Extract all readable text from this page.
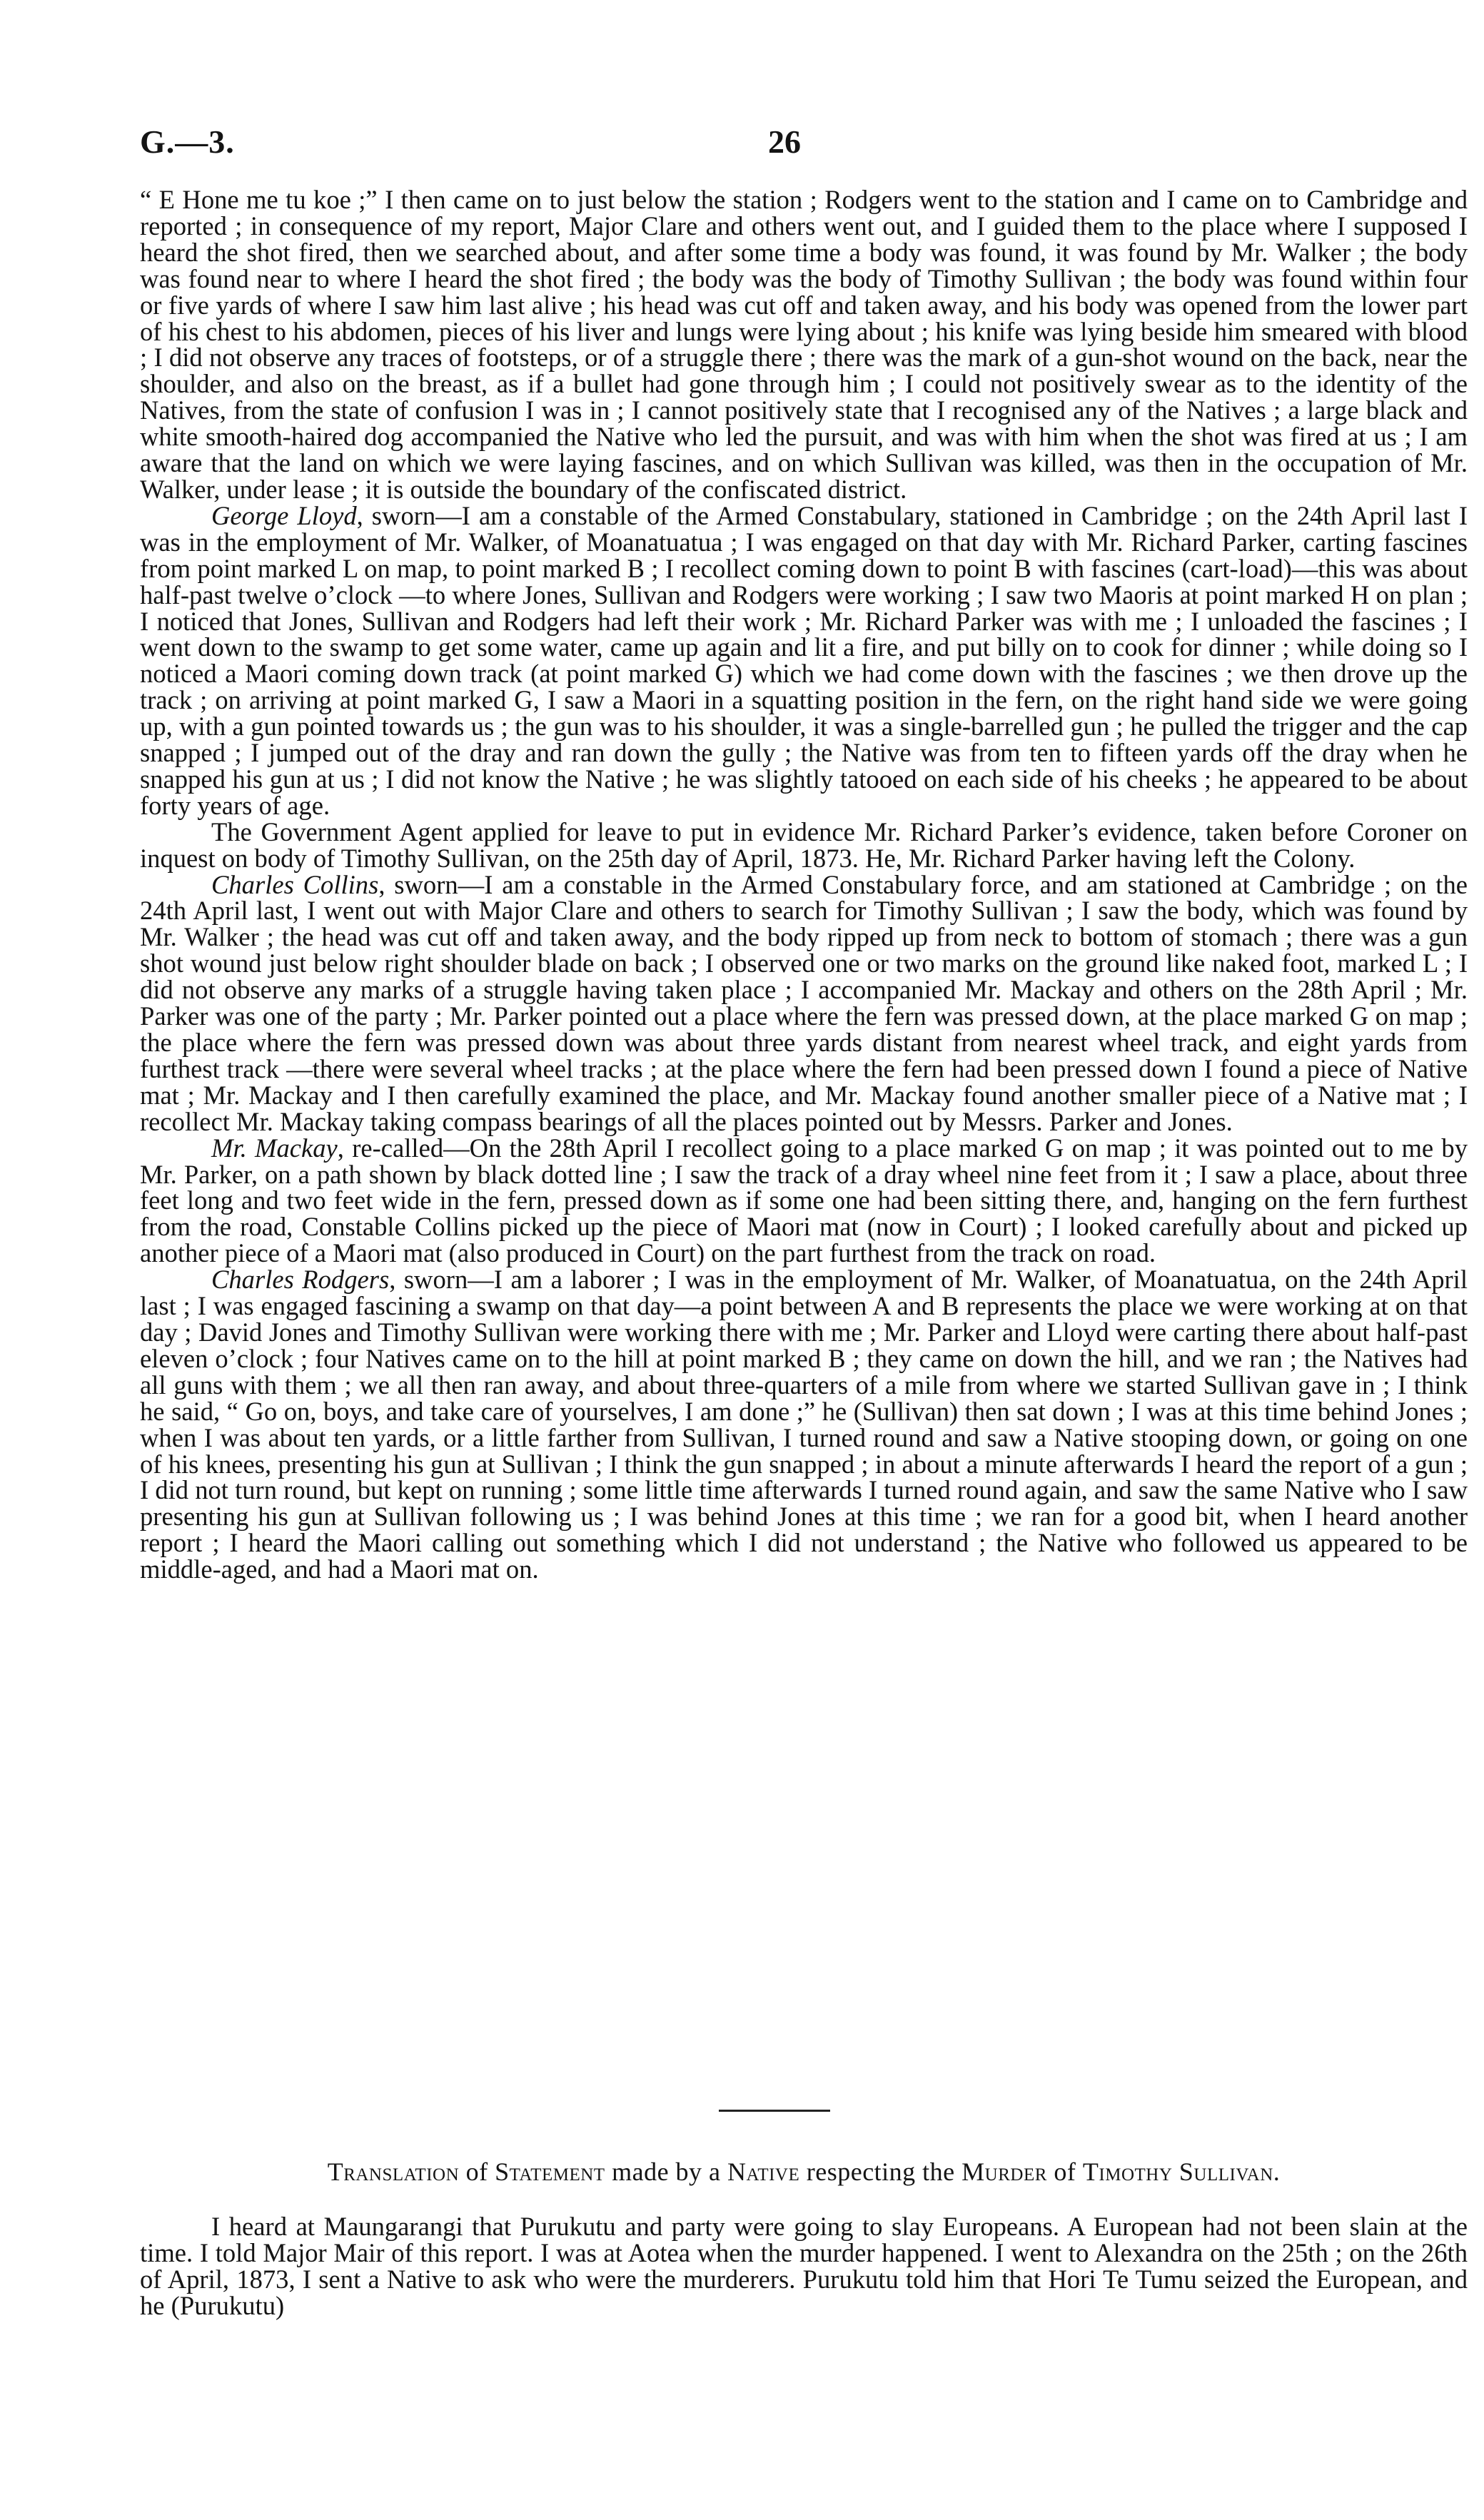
G.—3.	26

“ E Hone me tu koe ;” I then came on to just below the station ; Rodgers went to the station and I came on to Cambridge and reported ; in consequence of my report, Major Clare and others went out, and I guided them to the place where I supposed I heard the shot fired, then we searched about, and after some time a body was found, it was found by Mr. Walker ; the body was found near to where I heard the shot fired ; the body was the body of Timothy Sullivan ; the body was found within four or five yards of where I saw him last alive ; his head was cut off and taken away, and his body was opened from the lower part of his chest to his abdomen, pieces of his liver and lungs were lying about ; his knife was lying beside him smeared with blood ; I did not observe any traces of footsteps, or of a struggle there ; there was the mark of a gun-shot wound on the back, near the shoulder, and also on the breast, as if a bullet had gone through him ; I could not positively swear as to the identity of the Natives, from the state of confusion I was in ; I cannot positively state that I recognised any of the Natives ; a large black and white smooth-haired dog accompanied the Native who led the pursuit, and was with him when the shot was fired at us ; I am aware that the land on which we were laying fascines, and on which Sullivan was killed, was then in the occupation of Mr. Walker, under lease ; it is outside the boundary of the confiscated district.

George Lloyd, sworn—I am a constable of the Armed Constabulary, stationed in Cambridge ; on the 24th April last I was in the employment of Mr. Walker, of Moanatuatua ; I was engaged on that day with Mr. Richard Parker, carting fascines from point marked L on map, to point marked B ; I recollect coming down to point B with fascines (cart-load)—this was about half-past twelve o’clock —to where Jones, Sullivan and Rodgers were working ; I saw two Maoris at point marked H on plan ; I noticed that Jones, Sullivan and Rodgers had left their work ; Mr. Richard Parker was with me ; I unloaded the fascines ; I went down to the swamp to get some water, came up again and lit a fire, and put billy on to cook for dinner ; while doing so I noticed a Maori coming down track (at point marked G) which we had come down with the fascines ; we then drove up the track ; on arriving at point marked G, I saw a Maori in a squatting position in the fern, on the right hand side we were going up, with a gun pointed towards us ; the gun was to his shoulder, it was a single-barrelled gun ; he pulled the trigger and the cap snapped ; I jumped out of the dray and ran down the gully ; the Native was from ten to fifteen yards off the dray when he snapped his gun at us ; I did not know the Native ; he was slightly tatooed on each side of his cheeks ; he appeared to be about forty years of age.

The Government Agent applied for leave to put in evidence Mr. Richard Parker’s evidence, taken before Coroner on inquest on body of Timothy Sullivan, on the 25th day of April, 1873. He, Mr. Richard Parker having left the Colony.

Charles Collins, sworn—I am a constable in the Armed Constabulary force, and am stationed at Cambridge ; on the 24th April last, I went out with Major Clare and others to search for Timothy Sullivan ; I saw the body, which was found by Mr. Walker ; the head was cut off and taken away, and the body ripped up from neck to bottom of stomach ; there was a gun shot wound just below right shoulder blade on back ; I observed one or two marks on the ground like naked foot, marked L ; I did not observe any marks of a struggle having taken place ; I accompanied Mr. Mackay and others on the 28th April ; Mr. Parker was one of the party ; Mr. Parker pointed out a place where the fern was pressed down, at the place marked G on map ; the place where the fern was pressed down was about three yards distant from nearest wheel track, and eight yards from furthest track —there were several wheel tracks ; at the place where the fern had been pressed down I found a piece of Native mat ; Mr. Mackay and I then carefully examined the place, and Mr. Mackay found another smaller piece of a Native mat ; I recollect Mr. Mackay taking compass bearings of all the places pointed out by Messrs. Parker and Jones.

Mr. Mackay, re-called—On the 28th April I recollect going to a place marked G on map ; it was pointed out to me by Mr. Parker, on a path shown by black dotted line ; I saw the track of a dray wheel nine feet from it ; I saw a place, about three feet long and two feet wide in the fern, pressed down as if some one had been sitting there, and, hanging on the fern furthest from the road, Constable Collins picked up the piece of Maori mat (now in Court) ; I looked carefully about and picked up another piece of a Maori mat (also produced in Court) on the part furthest from the track on road.

Charles Rodgers, sworn—I am a laborer ; I was in the employment of Mr. Walker, of Moanatuatua, on the 24th April last ; I was engaged fascining a swamp on that day—a point between A and B represents the place we were working at on that day ; David Jones and Timothy Sullivan were working there with me ; Mr. Parker and Lloyd were carting there about half-past eleven o’clock ; four Natives came on to the hill at point marked B ; they came on down the hill, and we ran ; the Natives had all guns with them ; we all then ran away, and about three-quarters of a mile from where we started Sullivan gave in ; I think he said, “ Go on, boys, and take care of yourselves, I am done ;” he (Sullivan) then sat down ; I was at this time behind Jones ; when I was about ten yards, or a little farther from Sullivan, I turned round and saw a Native stooping down, or going on one of his knees, presenting his gun at Sullivan ; I think the gun snapped ; in about a minute afterwards I heard the report of a gun ; I did not turn round, but kept on running ; some little time afterwards I turned round again, and saw the same Native who I saw presenting his gun at Sullivan following us ; I was behind Jones at this time ; we ran for a good bit, when I heard another report ; I heard the Maori calling out something which I did not understand ; the Native who followed us appeared to be middle-aged, and had a Maori mat on.

Translation of Statement made by a Native respecting the Murder of Timothy Sullivan.

I heard at Maungarangi that Purukutu and party were going to slay Europeans. A European had not been slain at the time. I told Major Mair of this report. I was at Aotea when the murder happened. I went to Alexandra on the 25th ; on the 26th of April, 1873, I sent a Native to ask who were the murderers. Purukutu told him that Hori Te Tumu seized the European, and he (Purukutu)
